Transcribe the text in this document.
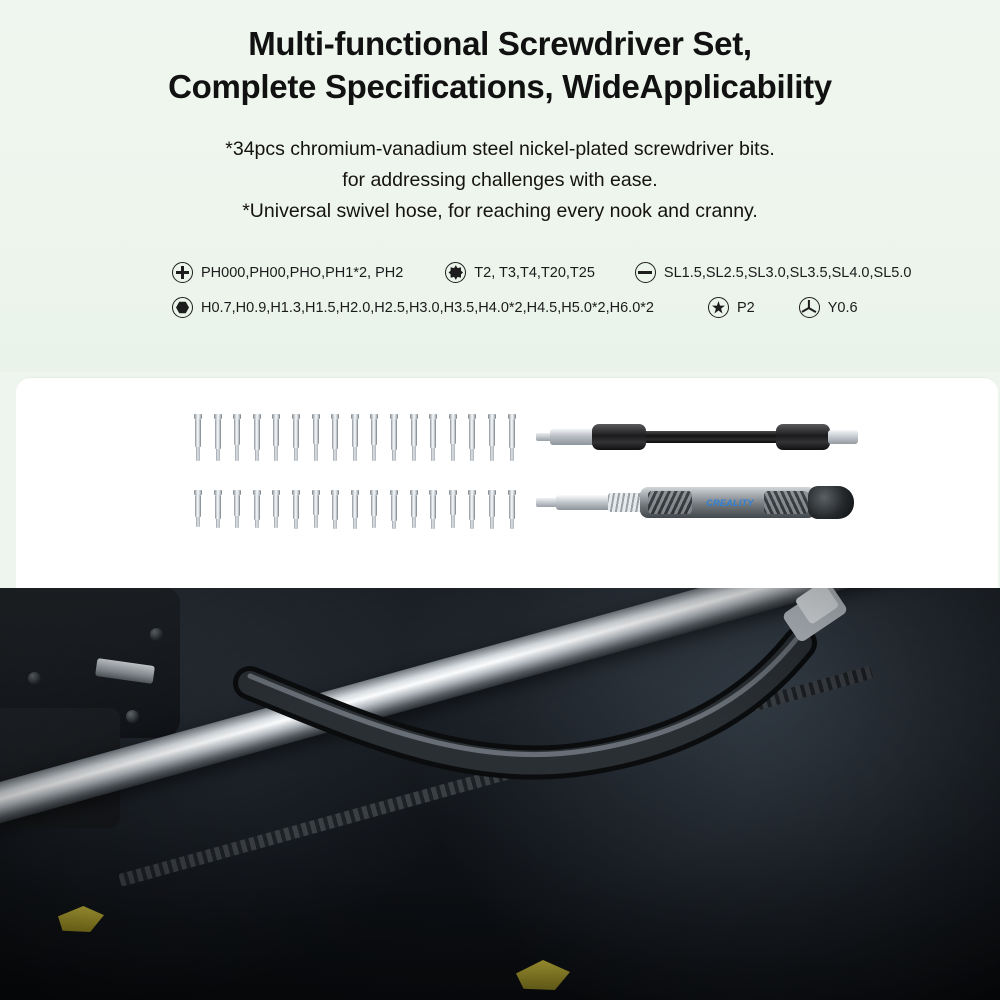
Multi-functional Screwdriver Set,
Complete Specifications, WideApplicability
*34pcs chromium-vanadium steel nickel-plated screwdriver bits.
for addressing challenges with ease.
*Universal swivel hose, for reaching every nook and cranny.
PH000,PH00,PHO,PH1*2, PH2	T2, T3,T4,T20,T25	SL1.5,SL2.5,SL3.0,SL3.5,SL4.0,SL5.0
H0.7,H0.9,H1.3,H1.5,H2.0,H2.5,H3.0,H3.5,H4.0*2,H4.5,H5.0*2,H6.0*2	P2	Y0.6
CREALITY
